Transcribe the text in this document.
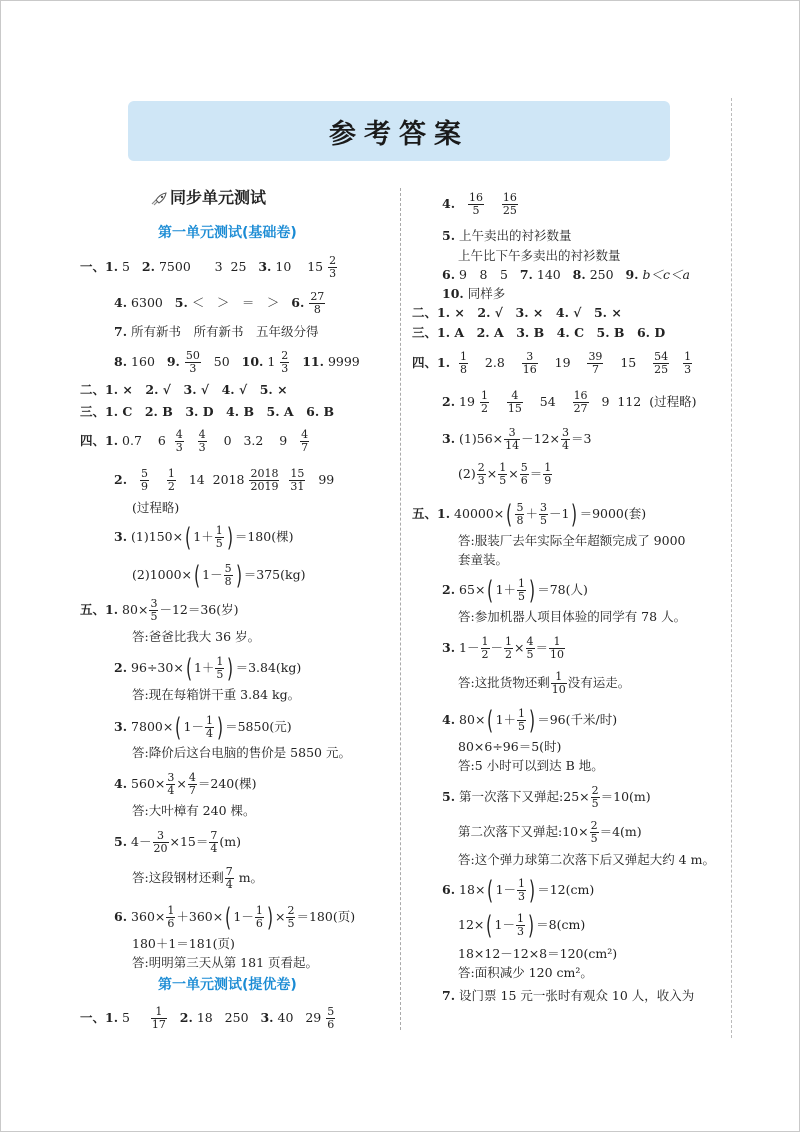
参考答案
同步单元测试
第一单元测试(基础卷)
一、1. 5 2. 7500 3 25 3. 10 $15 \frac{2}{3}$
4. 6300 5. ＜　＞　＝　＞ 6. $\frac{27}{8}$
7. 所有新书　所有新书　五年级分得
8. 160 9. $\frac{50}{3} 50$ 10. $1 \frac{2}{3} 11$. 9999
二、1. ×　2. √　3. √　4. √　5. ×
三、1. C　2. B　3. D　4. B　5. A　6. B
四、1. 0.7 $6 \frac{4}{3}$
$\frac{4}{3} 0$ 3.2 $9 \frac{4}{7}$
2. $\frac{5}{9}$
$\frac{1}{2} 14$ $2018 \frac{2018}{2019}$
$\frac{15}{31} 99$
(过程略)
3. (1)150×( $1+ \frac{1}{5}$ ) ＝180(棵)
(2)1000×( $1- \frac{5}{8}$ ) ＝375(kg)
五、1. $80\times \frac{3}{5} -12=36$(岁)
答:爸爸比我大 36 岁。
2. 96÷30×( $1+ \frac{1}{5}$ ) ＝3.84(kg)
答:现在每箱饼干重 3.84 kg。
3. 7800×( $1- \frac{1}{4}$ ) ＝5850(元)
答:降价后这台电脑的售价是 5850 元。
4. $560\times \frac{3}{4} \times \frac{4}{7} =240$(棵)
答:大叶樟有 240 棵。
5. $4- \frac{3}{20} \times 15= \frac{7}{4} (m)$
答:这段钢材还剩 $\frac{7}{4}$ m。
6. $360\times \frac{1}{6} +360\times$( $1- \frac{1}{6}$ ) × $\frac{2}{5} =180$(页)
180＋1＝181(页)
答:明明第三天从第 181 页看起。
第一单元测试(提优卷)
一、1. $5 \frac{1}{17} 2$. 18 250 3. 40 $29 \frac{5}{6}$
4. $\frac{16}{5}$
$\frac{16}{25}$
5. 上午卖出的衬衫数量
上午比下午多卖出的衬衫数量
6. 9　8　5 7. 140 8. 250 9. b＜c＜a
10. 同样多
二、1. ×　2. √　3. ×　4. √　5. ×
三、1. A　2. A　3. B　4. C　5. B　6. D
四、1. $\frac{1}{8} 2.8 \frac{3}{16} 19 \frac{39}{7} 15 \frac{54}{25}$
$\frac{1}{3}$
2. $19 \frac{1}{2}$
$\frac{4}{15} 54 \frac{16}{27} 9$ 112 (过程略)
3. $(1)56\times \frac{3}{14} -12\times \frac{3}{4} =3$
$(2) \frac{2}{3} \times \frac{1}{5} \times \frac{5}{6} = \frac{1}{9}$
五、1. $40000\times( \frac{5}{8} + \frac{3}{5} -1) =9000$(套)
答:服装厂去年实际全年超额完成了 9000
套童装。
2. 65×( $1+ \frac{1}{5}$ ) ＝78(人)
答:参加机器人项目体验的同学有 78 人。
3. $1- \frac{1}{2} - \frac{1}{2} \times \frac{4}{5} = \frac{1}{10}$
答:这批货物还剩 $\frac{1}{10}$ 没有运走。
4. 80×( $1+ \frac{1}{5}$ ) ＝96(千米/时)
80×6÷96＝5(时)
答:5 小时可以到达 B 地。
5. 第一次落下又弹起:25× $\frac{2}{5} =10(m)$
第二次落下又弹起:10× $\frac{2}{5} =4(m)$
答:这个弹力球第二次落下后又弹起大约 4 m。
6. 18×( $1- \frac{1}{3}$ ) ＝12(cm)
12×( $1- \frac{1}{3}$ ) ＝8(cm)
18×12－12×8＝120(cm²)
答:面积减少 120 cm²。
7. 设门票 15 元一张时有观众 10 人，收入为
